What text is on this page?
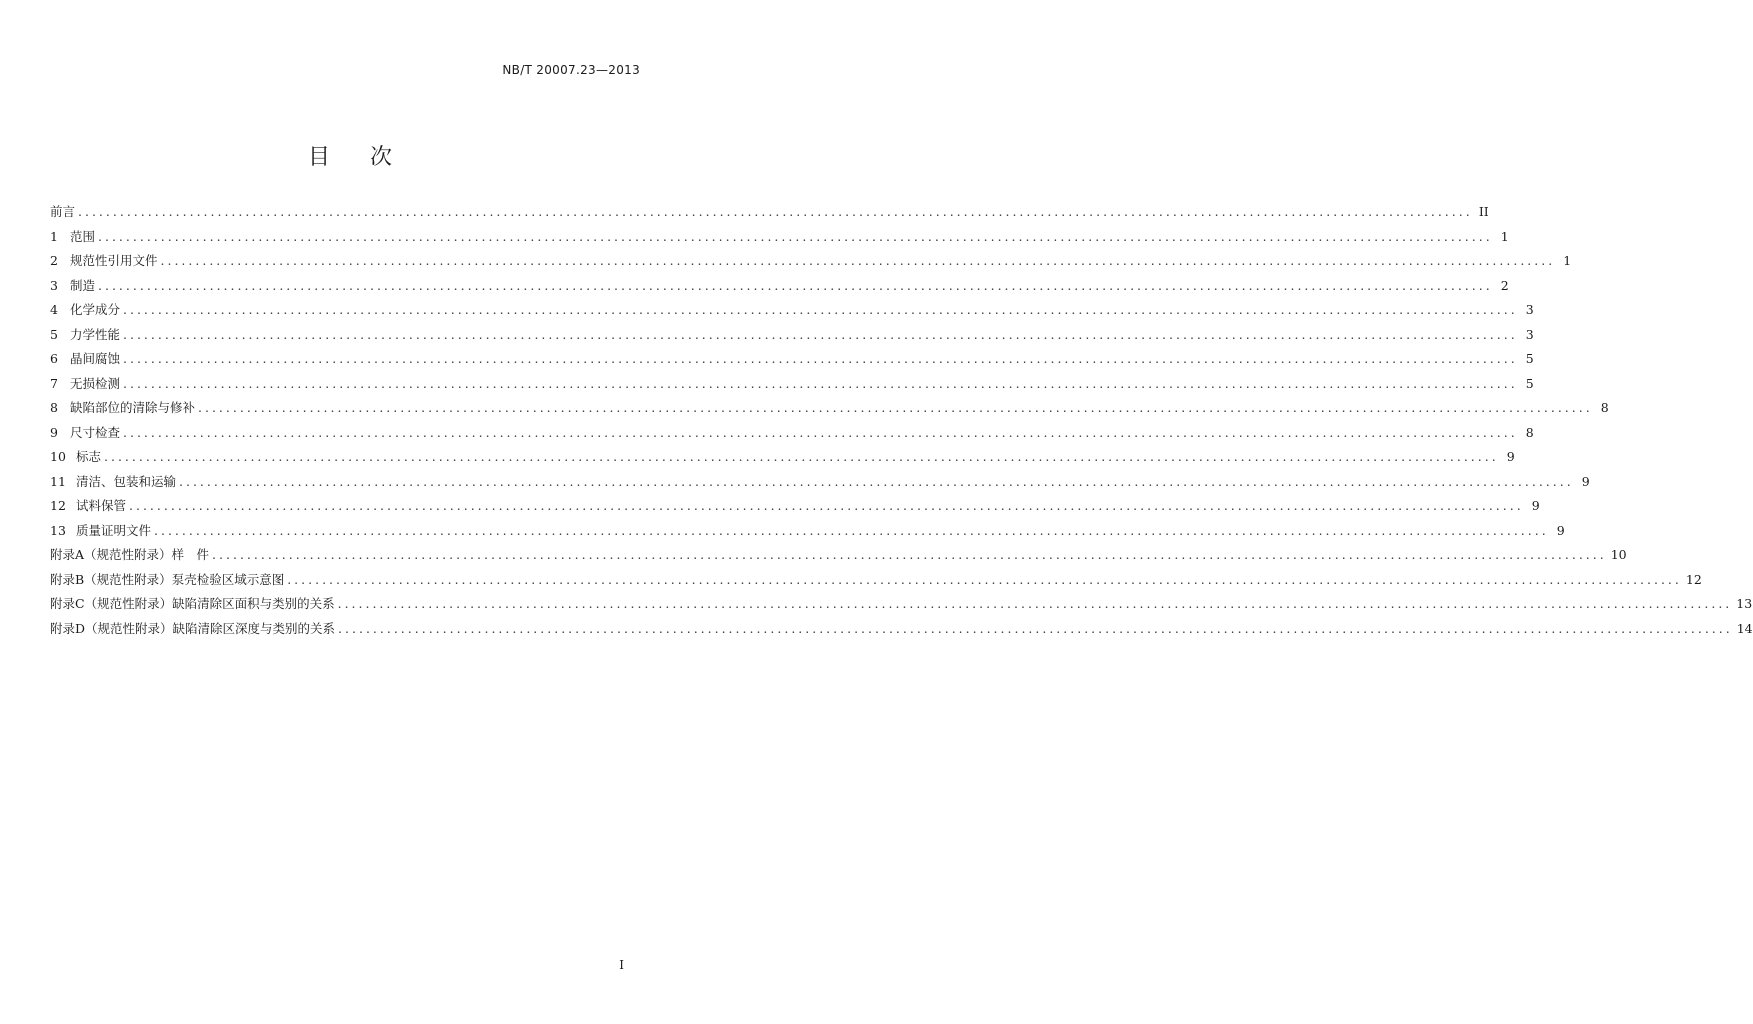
NB/T 20007.23—2013
目次
前言 ........................................................................................................................................................................................................ II
1 范围 ........................................................................................................................................................................................................ 1
2 规范性引用文件 ........................................................................................................................................................................................................ 1
3 制造 ........................................................................................................................................................................................................ 2
4 化学成分 ........................................................................................................................................................................................................ 3
5 力学性能 ........................................................................................................................................................................................................ 3
6 晶间腐蚀 ........................................................................................................................................................................................................ 5
7 无损检测 ........................................................................................................................................................................................................ 5
8 缺陷部位的清除与修补 ........................................................................................................................................................................................................ 8
9 尺寸检查 ........................................................................................................................................................................................................ 8
10 标志 ........................................................................................................................................................................................................ 9
11 清洁、包装和运输 ........................................................................................................................................................................................................ 9
12 试料保管 ........................................................................................................................................................................................................ 9
13 质量证明文件 ........................................................................................................................................................................................................ 9
附录A（规范性附录） 样　件 ........................................................................................................................................................................................................ 10
附录B（规范性附录） 泵壳检验区域示意图 ........................................................................................................................................................................................................ 12
附录C（规范性附录） 缺陷清除区面积与类别的关系 ........................................................................................................................................................................................................ 13
附录D（规范性附录） 缺陷清除区深度与类别的关系 ........................................................................................................................................................................................................ 14
I
